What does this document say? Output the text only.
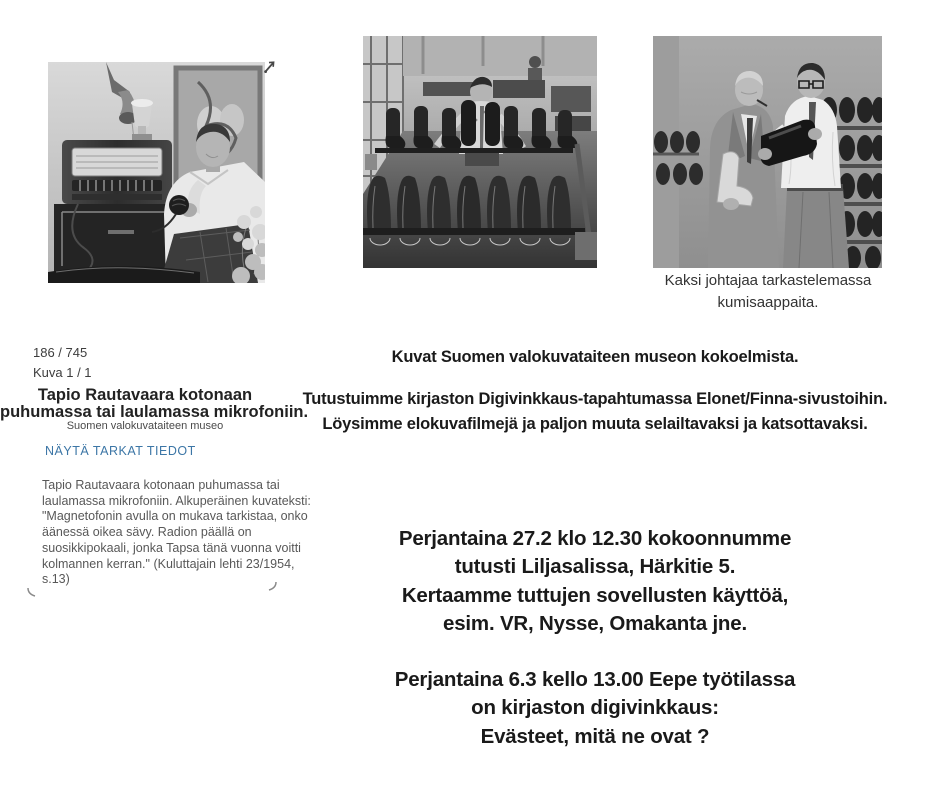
Kaksi johtajaa tarkastelemassa
kumisaappaita.
186 / 745
Kuva 1 / 1
Tapio Rautavaara kotonaan
puhumassa tai laulamassa mikrofoniin.
Suomen valokuvataiteen museo
NÄYTÄ TARKAT TIEDOT
Tapio Rautavaara kotonaan puhumassa tai
laulamassa mikrofoniin. Alkuperäinen kuvateksti:
"Magnetofonin avulla on mukava tarkistaa, onko
äänessä oikea sävy. Radion päällä on
suosikkipokaali, jonka Tapsa tänä vuonna voitti
kolmannen kerran." (Kuluttajain lehti 23/1954,
s.13)
Kuvat Suomen valokuvataiteen museon kokoelmista.
Tutustuimme kirjaston Digivinkkaus-tapahtumassa Elonet/Finna-sivustoihin.
Löysimme elokuvafilmejä ja paljon muuta selailtavaksi ja katsottavaksi.
Perjantaina 27.2 klo 12.30 kokoonnumme
tutusti Liljasalissa, Härkitie 5.
Kertaamme tuttujen sovellusten käyttöä,
esim. VR, Nysse, Omakanta jne.
Perjantaina 6.3 kello 13.00 Eepe työtilassa
on kirjaston digivinkkaus:
Evästeet, mitä ne ovat ?
